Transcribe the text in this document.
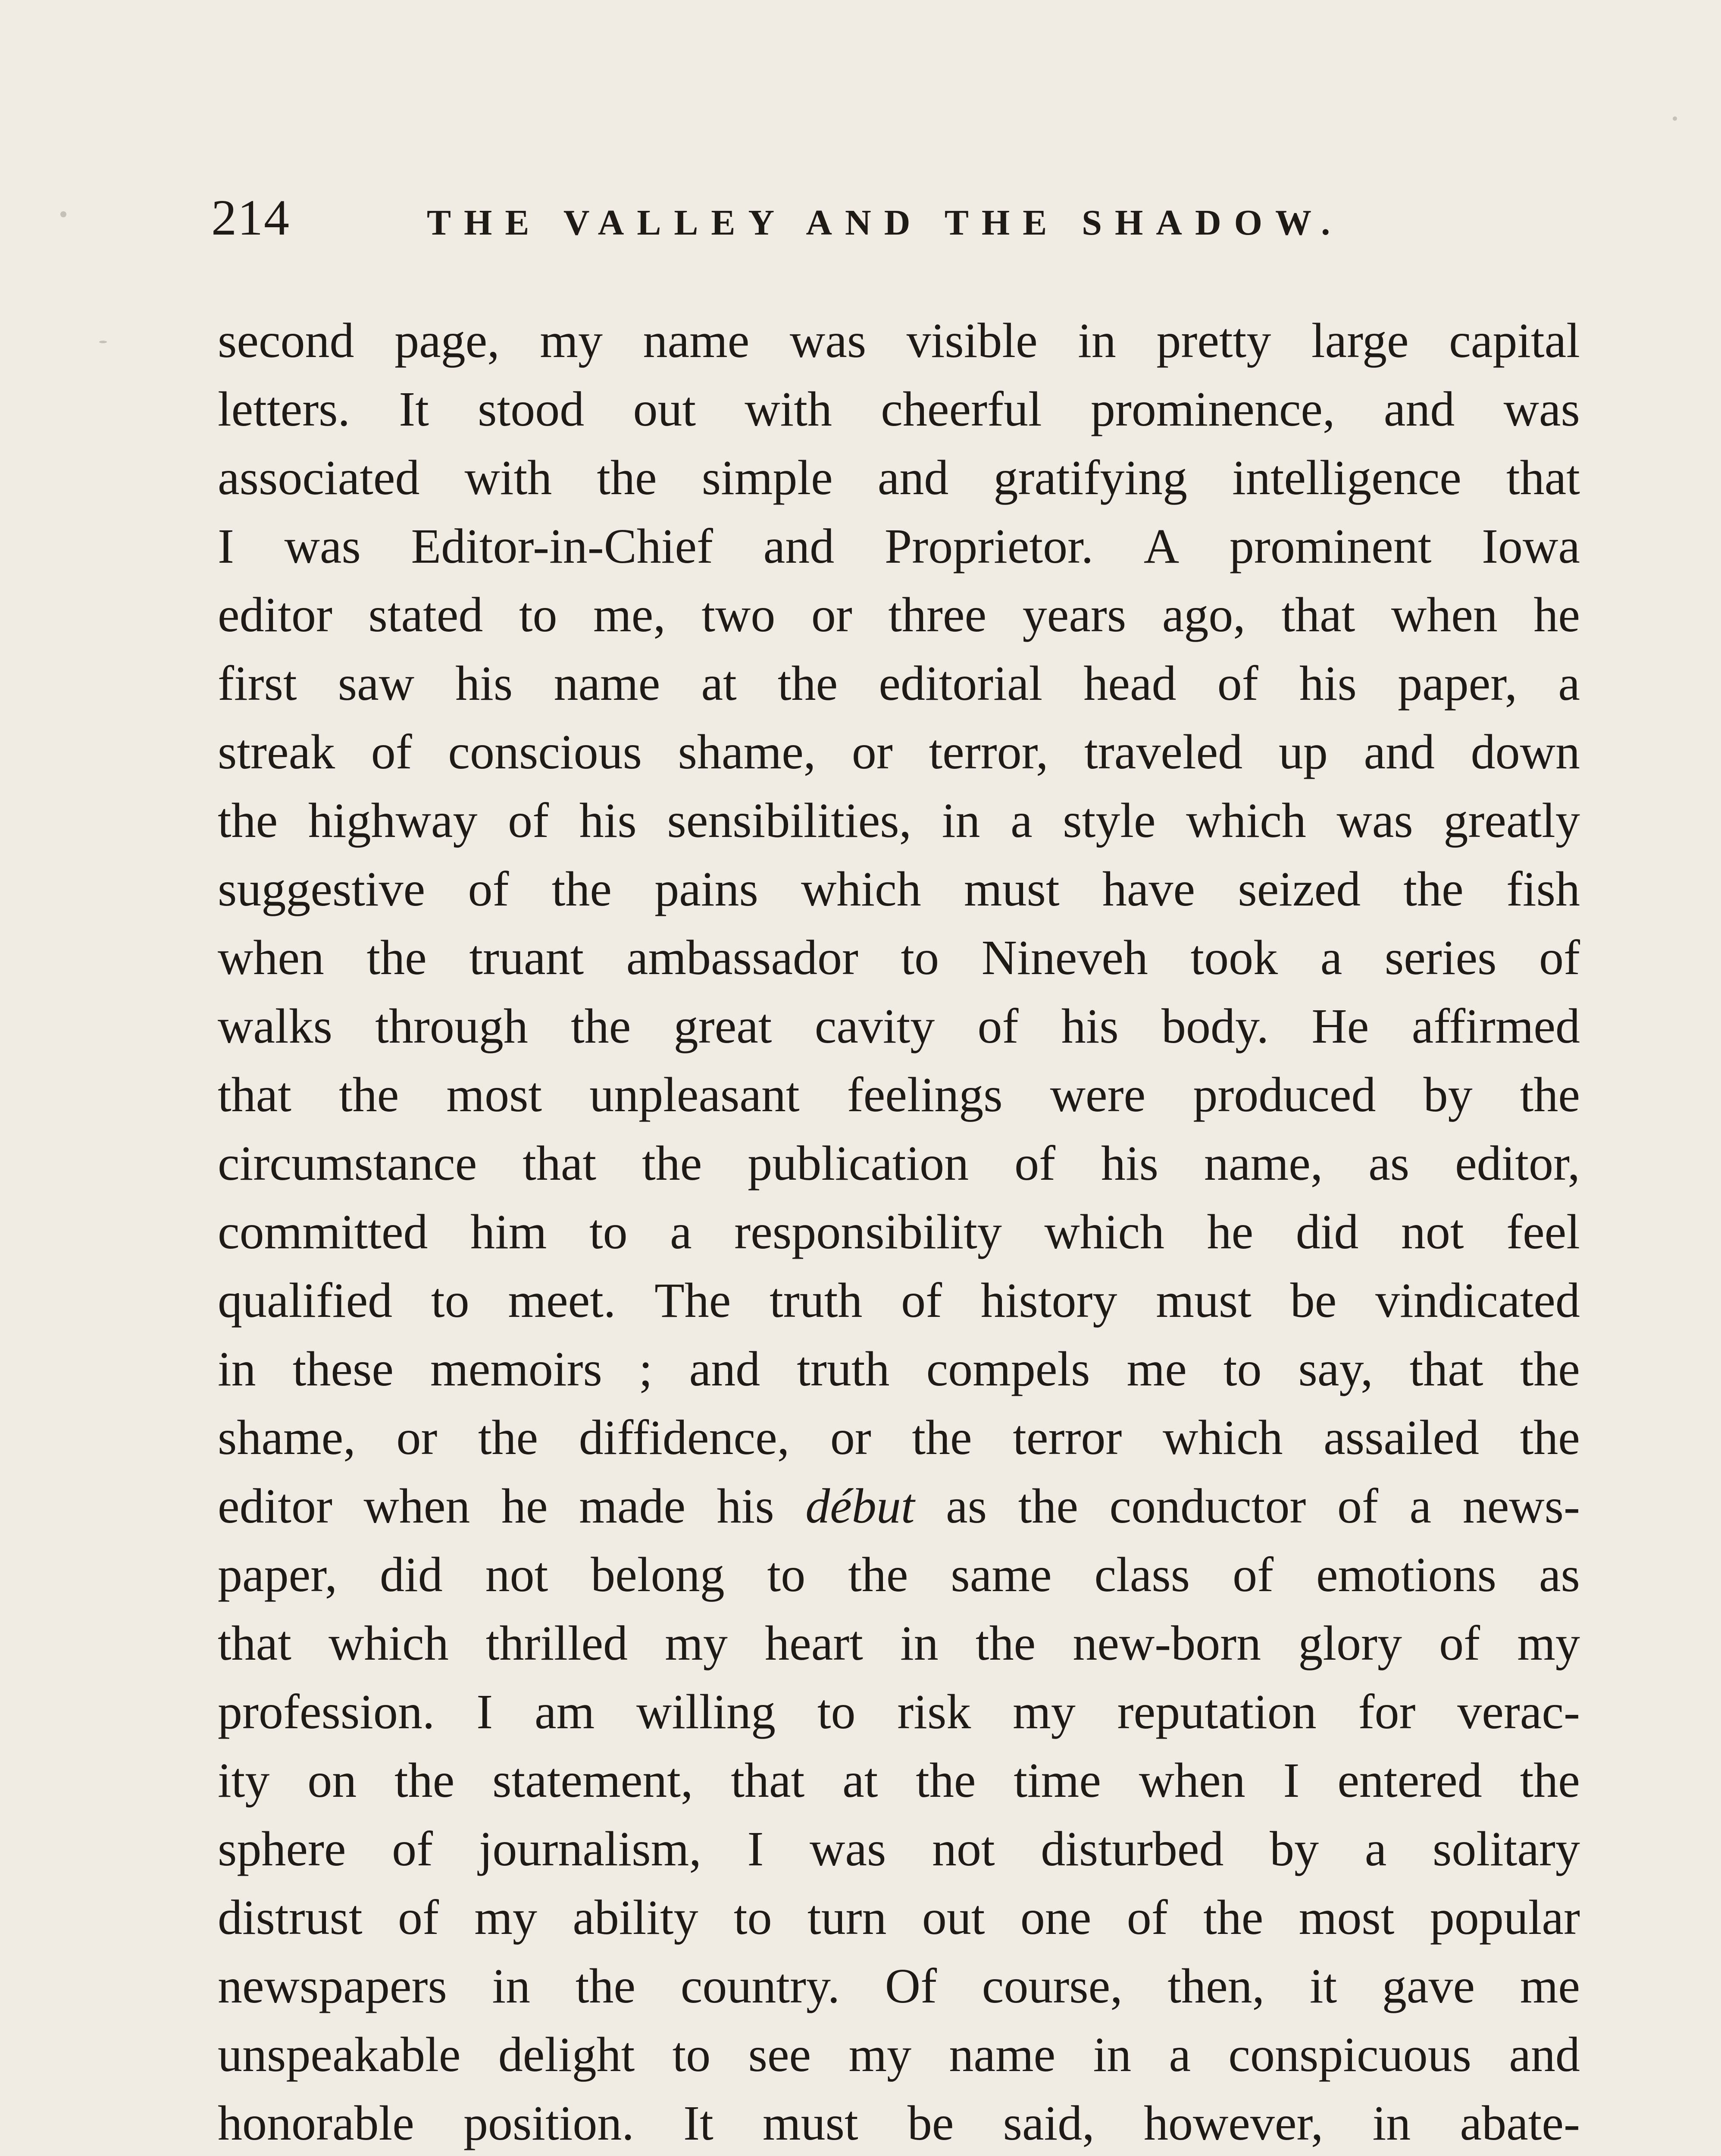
214	THE VALLEY AND THE SHADOW.
second page, my name was visible in pretty large capital
letters. It stood out with cheerful prominence, and was
associated with the simple and gratifying intelligence that
I was Editor-in-Chief and Proprietor. A prominent Iowa
editor stated to me, two or three years ago, that when he
first saw his name at the editorial head of his paper, a
streak of conscious shame, or terror, traveled up and down
the highway of his sensibilities, in a style which was greatly
suggestive of the pains which must have seized the fish
when the truant ambassador to Nineveh took a series of
walks through the great cavity of his body. He affirmed
that the most unpleasant feelings were produced by the
circumstance that the publication of his name, as editor,
committed him to a responsibility which he did not feel
qualified to meet. The truth of history must be vindicated
in these memoirs ; and truth compels me to say, that the
shame, or the diffidence, or the terror which assailed the
editor when he made his début as the conductor of a news-
paper, did not belong to the same class of emotions as
that which thrilled my heart in the new-born glory of my
profession. I am willing to risk my reputation for verac-
ity on the statement, that at the time when I entered the
sphere of journalism, I was not disturbed by a solitary
distrust of my ability to turn out one of the most popular
newspapers in the country. Of course, then, it gave me
unspeakable delight to see my name in a conspicuous and
honorable position. It must be said, however, in abate-
